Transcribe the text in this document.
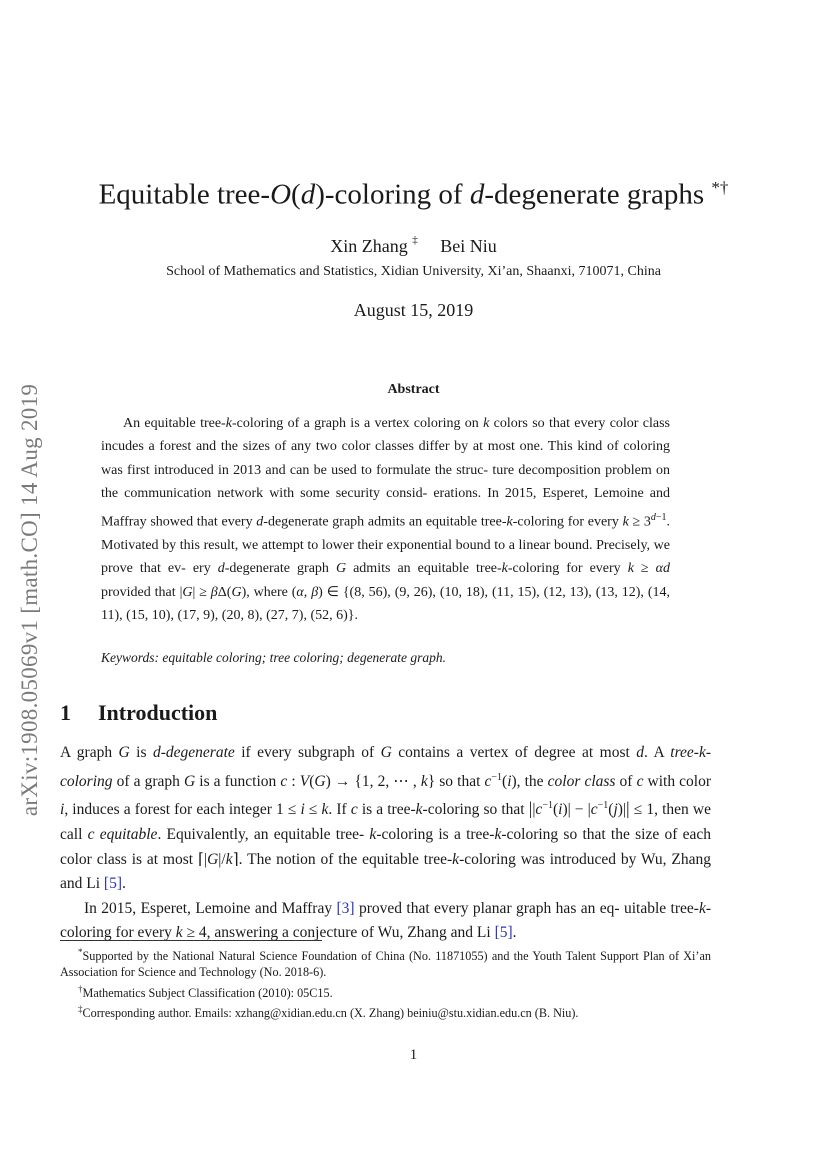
arXiv:1908.05069v1 [math.CO] 14 Aug 2019
Equitable tree-O(d)-coloring of d-degenerate graphs *†
Xin Zhang ‡ Bei Niu
School of Mathematics and Statistics, Xidian University, Xi’an, Shaanxi, 710071, China
August 15, 2019
Abstract

An equitable tree-k-coloring of a graph is a vertex coloring on k colors so that every color class incudes a forest and the sizes of any two color classes differ by at most one. This kind of coloring was first introduced in 2013 and can be used to formulate the struc- ture decomposition problem on the communication network with some security consid- erations. In 2015, Esperet, Lemoine and Maffray showed that every d-degenerate graph admits an equitable tree-k-coloring for every $k \ge 3^{d-1}$. Motivated by this result, we attempt to lower their exponential bound to a linear bound. Precisely, we prove that ev- ery d-degenerate graph G admits an equitable tree-k-coloring for every k ≥ αd provided that |G| ≥ βΔ(G), where (α, β) ∈ {(8, 56), (9, 26), (10, 18), (11, 15), (12, 13), (13, 12), (14, 11), (15, 10), (17, 9), (20, 8), (27, 7), (52, 6)}.

Keywords: equitable coloring; tree coloring; degenerate graph.
1 Introduction

A graph G is d-degenerate if every subgraph of G contains a vertex of degree at most d. A tree-k-coloring of a graph G is a function c : V(G) → {1, 2, ⋯ , k} so that $c^{-1}(i)$, the color class of c with color i, induces a forest for each integer 1 ≤ i ≤ k. If c is a tree-k-coloring so that $||c^{-1}(i)| - |c^{-1}(j)|| \le 1$, then we call c equitable. Equivalently, an equitable tree- k-coloring is a tree-k-coloring so that the size of each color class is at most ⌈|G|/k⌉. The notion of the equitable tree-k-coloring was introduced by Wu, Zhang and Li [5].

In 2015, Esperet, Lemoine and Maffray [3] proved that every planar graph has an eq- uitable tree-k-coloring for every k ≥ 4, answering a conjecture of Wu, Zhang and Li [5].

*Supported by the National Natural Science Foundation of China (No. 11871055) and the Youth Talent Support Plan of Xi’an Association for Science and Technology (No. 2018-6).

†Mathematics Subject Classification (2010): 05C15.

‡Corresponding author. Emails: xzhang@xidian.edu.cn (X. Zhang) beiniu@stu.xidian.edu.cn (B. Niu).

1
